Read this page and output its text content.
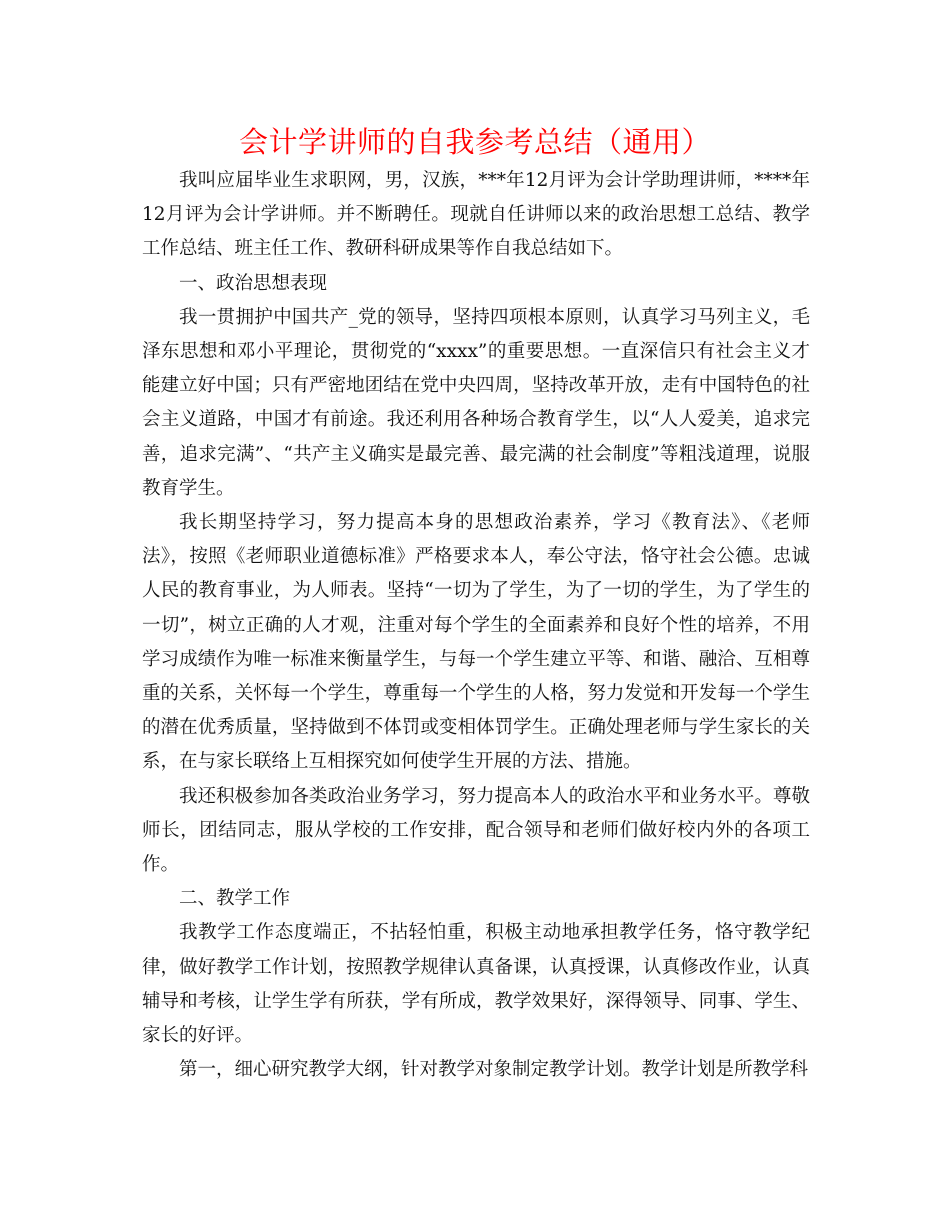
会计学讲师的自我参考总结（通用）

我叫应届毕业生求职网，男，汉族，***年12月评为会计学助理讲师，****年12月评为会计学讲师。并不断聘任。现就自任讲师以来的政治思想工总结、教学工作总结、班主任工作、教研科研成果等作自我总结如下。

一、政治思想表现

我一贯拥护中国共产_党的领导，坚持四项根本原则，认真学习马列主义，毛泽东思想和邓小平理论，贯彻党的“xxxx”的重要思想。一直深信只有社会主义才能建立好中国；只有严密地团结在党中央四周，坚持改革开放，走有中国特色的社会主义道路，中国才有前途。我还利用各种场合教育学生，以“人人爱美，追求完善，追求完满”、“共产主义确实是最完善、最完满的社会制度”等粗浅道理，说服教育学生。

我长期坚持学习，努力提高本身的思想政治素养，学习《教育法》、《老师法》，按照《老师职业道德标准》严格要求本人，奉公守法，恪守社会公德。忠诚人民的教育事业，为人师表。坚持“一切为了学生，为了一切的学生，为了学生的一切”，树立正确的人才观，注重对每个学生的全面素养和良好个性的培养，不用学习成绩作为唯一标准来衡量学生，与每一个学生建立平等、和谐、融洽、互相尊重的关系，关怀每一个学生，尊重每一个学生的人格，努力发觉和开发每一个学生的潜在优秀质量，坚持做到不体罚或变相体罚学生。正确处理老师与学生家长的关系，在与家长联络上互相探究如何使学生开展的方法、措施。

我还积极参加各类政治业务学习，努力提高本人的政治水平和业务水平。尊敬师长，团结同志，服从学校的工作安排，配合领导和老师们做好校内外的各项工作。

二、教学工作

我教学工作态度端正，不拈轻怕重，积极主动地承担教学任务，恪守教学纪律，做好教学工作计划，按照教学规律认真备课，认真授课，认真修改作业，认真辅导和考核，让学生学有所获，学有所成，教学效果好，深得领导、同事、学生、家长的好评。

第一，细心研究教学大纲，针对教学对象制定教学计划。教学计划是所教学科
